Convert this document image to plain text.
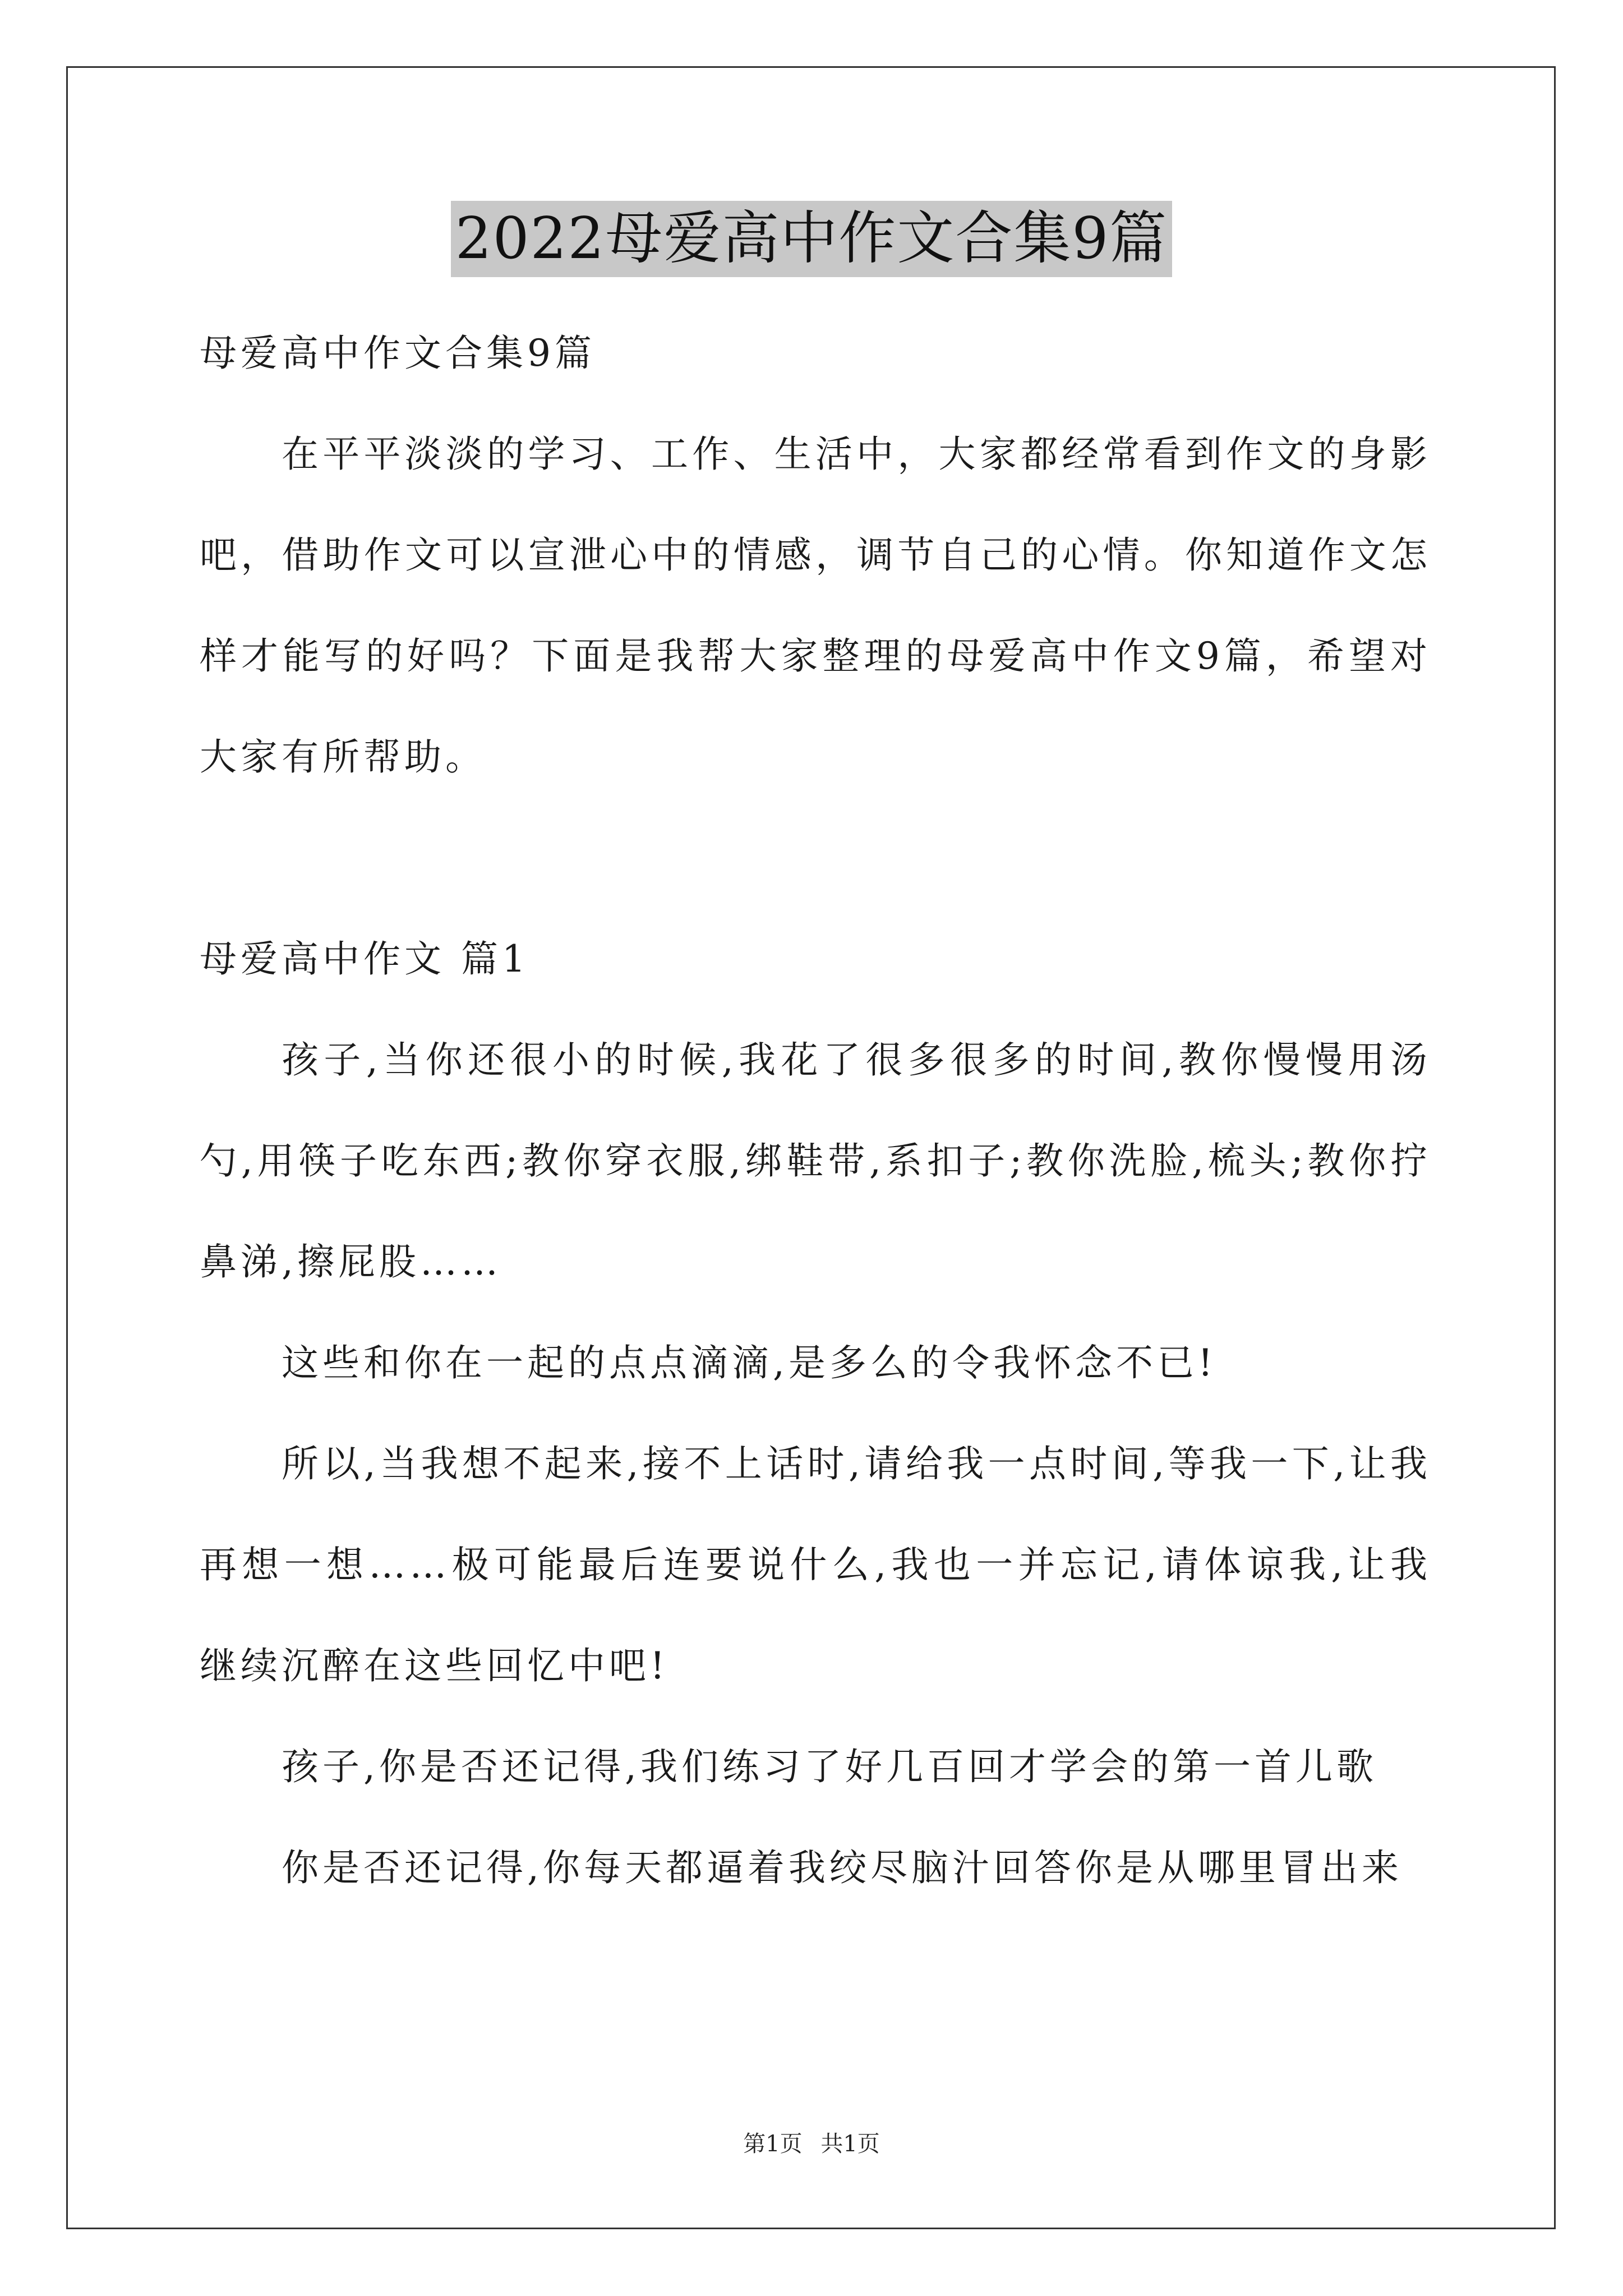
2022母爱高中作文合集9篇

母爱高中作文合集9篇

在平平淡淡的学习、工作、生活中，大家都经常看到作文的身影吧，借助作文可以宣泄心中的情感，调节自己的心情。你知道作文怎样才能写的好吗？下面是我帮大家整理的母爱高中作文9篇，希望对大家有所帮助。

母爱高中作文 篇1

孩子,当你还很小的时候,我花了很多很多的时间,教你慢慢用汤勺,用筷子吃东西;教你穿衣服,绑鞋带,系扣子;教你洗脸,梳头;教你拧鼻涕,擦屁股……

这些和你在一起的点点滴滴,是多么的令我怀念不已!

所以,当我想不起来,接不上话时,请给我一点时间,等我一下,让我再想一想……极可能最后连要说什么,我也一并忘记,请体谅我,让我继续沉醉在这些回忆中吧!

孩子,你是否还记得,我们练习了好几百回才学会的第一首儿歌

你是否还记得,你每天都逼着我绞尽脑汁回答你是从哪里冒出来

第1页 共1页
